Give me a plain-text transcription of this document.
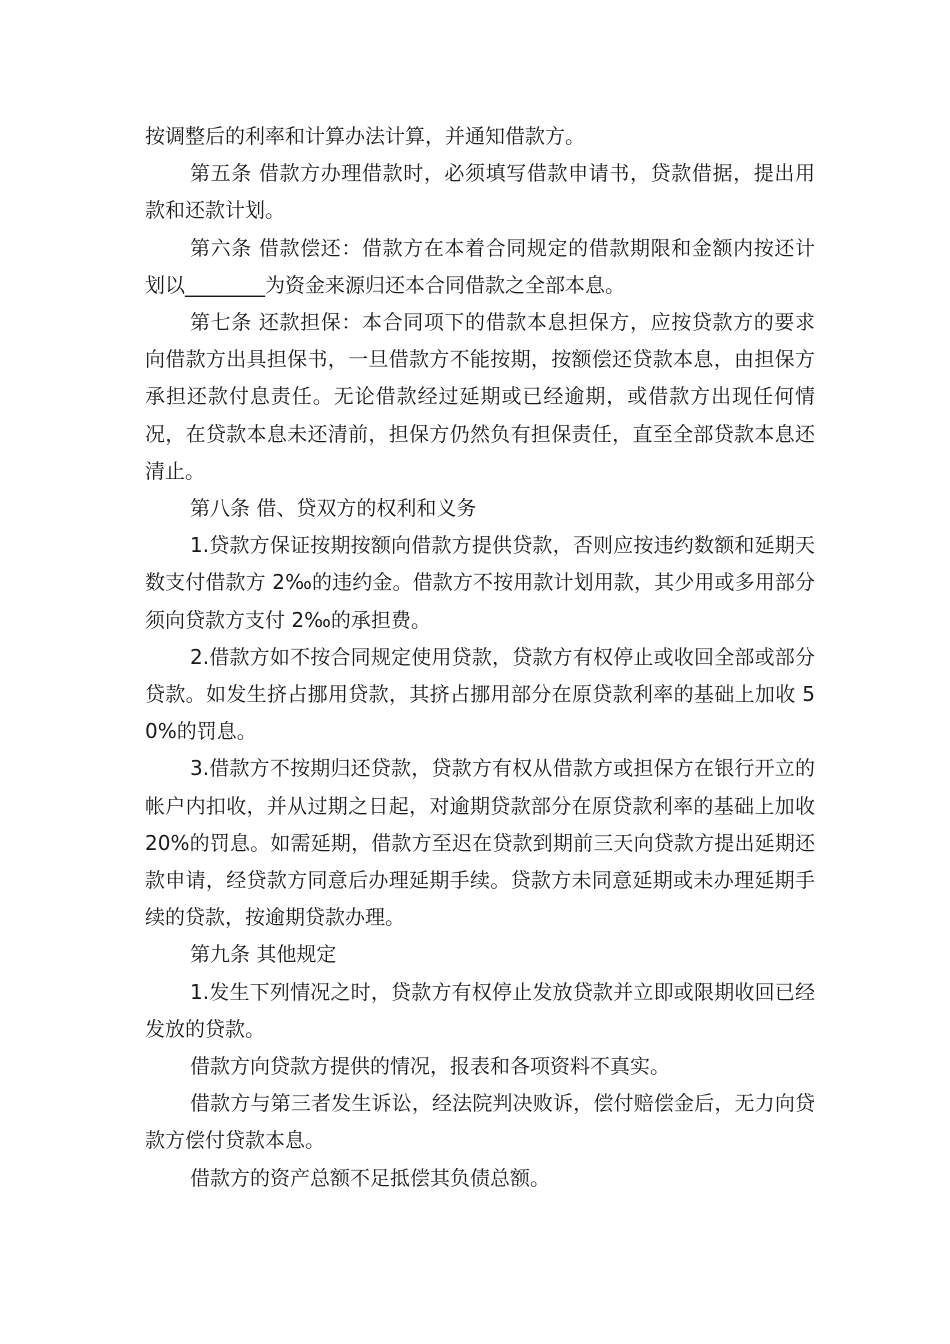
按调整后的利率和计算办法计算，并通知借款方。

第五条 借款方办理借款时，必须填写借款申请书，贷款借据，提出用款和还款计划。

第六条 借款偿还：借款方在本着合同规定的借款期限和金额内按还计划以________为资金来源归还本合同借款之全部本息。

第七条 还款担保：本合同项下的借款本息担保方，应按贷款方的要求向借款方出具担保书，一旦借款方不能按期，按额偿还贷款本息，由担保方承担还款付息责任。无论借款经过延期或已经逾期，或借款方出现任何情况，在贷款本息未还清前，担保方仍然负有担保责任，直至全部贷款本息还清止。

第八条 借、贷双方的权利和义务

1.贷款方保证按期按额向借款方提供贷款，否则应按违约数额和延期天数支付借款方 2‰的违约金。借款方不按用款计划用款，其少用或多用部分须向贷款方支付 2‰的承担费。

2.借款方如不按合同规定使用贷款，贷款方有权停止或收回全部或部分贷款。如发生挤占挪用贷款，其挤占挪用部分在原贷款利率的基础上加收 50%的罚息。

3.借款方不按期归还贷款，贷款方有权从借款方或担保方在银行开立的帐户内扣收，并从过期之日起，对逾期贷款部分在原贷款利率的基础上加收 20%的罚息。如需延期，借款方至迟在贷款到期前三天向贷款方提出延期还款申请，经贷款方同意后办理延期手续。贷款方未同意延期或未办理延期手续的贷款，按逾期贷款办理。

第九条 其他规定

1.发生下列情况之时，贷款方有权停止发放贷款并立即或限期收回已经发放的贷款。

借款方向贷款方提供的情况，报表和各项资料不真实。

借款方与第三者发生诉讼，经法院判决败诉，偿付赔偿金后，无力向贷款方偿付贷款本息。

借款方的资产总额不足抵偿其负债总额。
